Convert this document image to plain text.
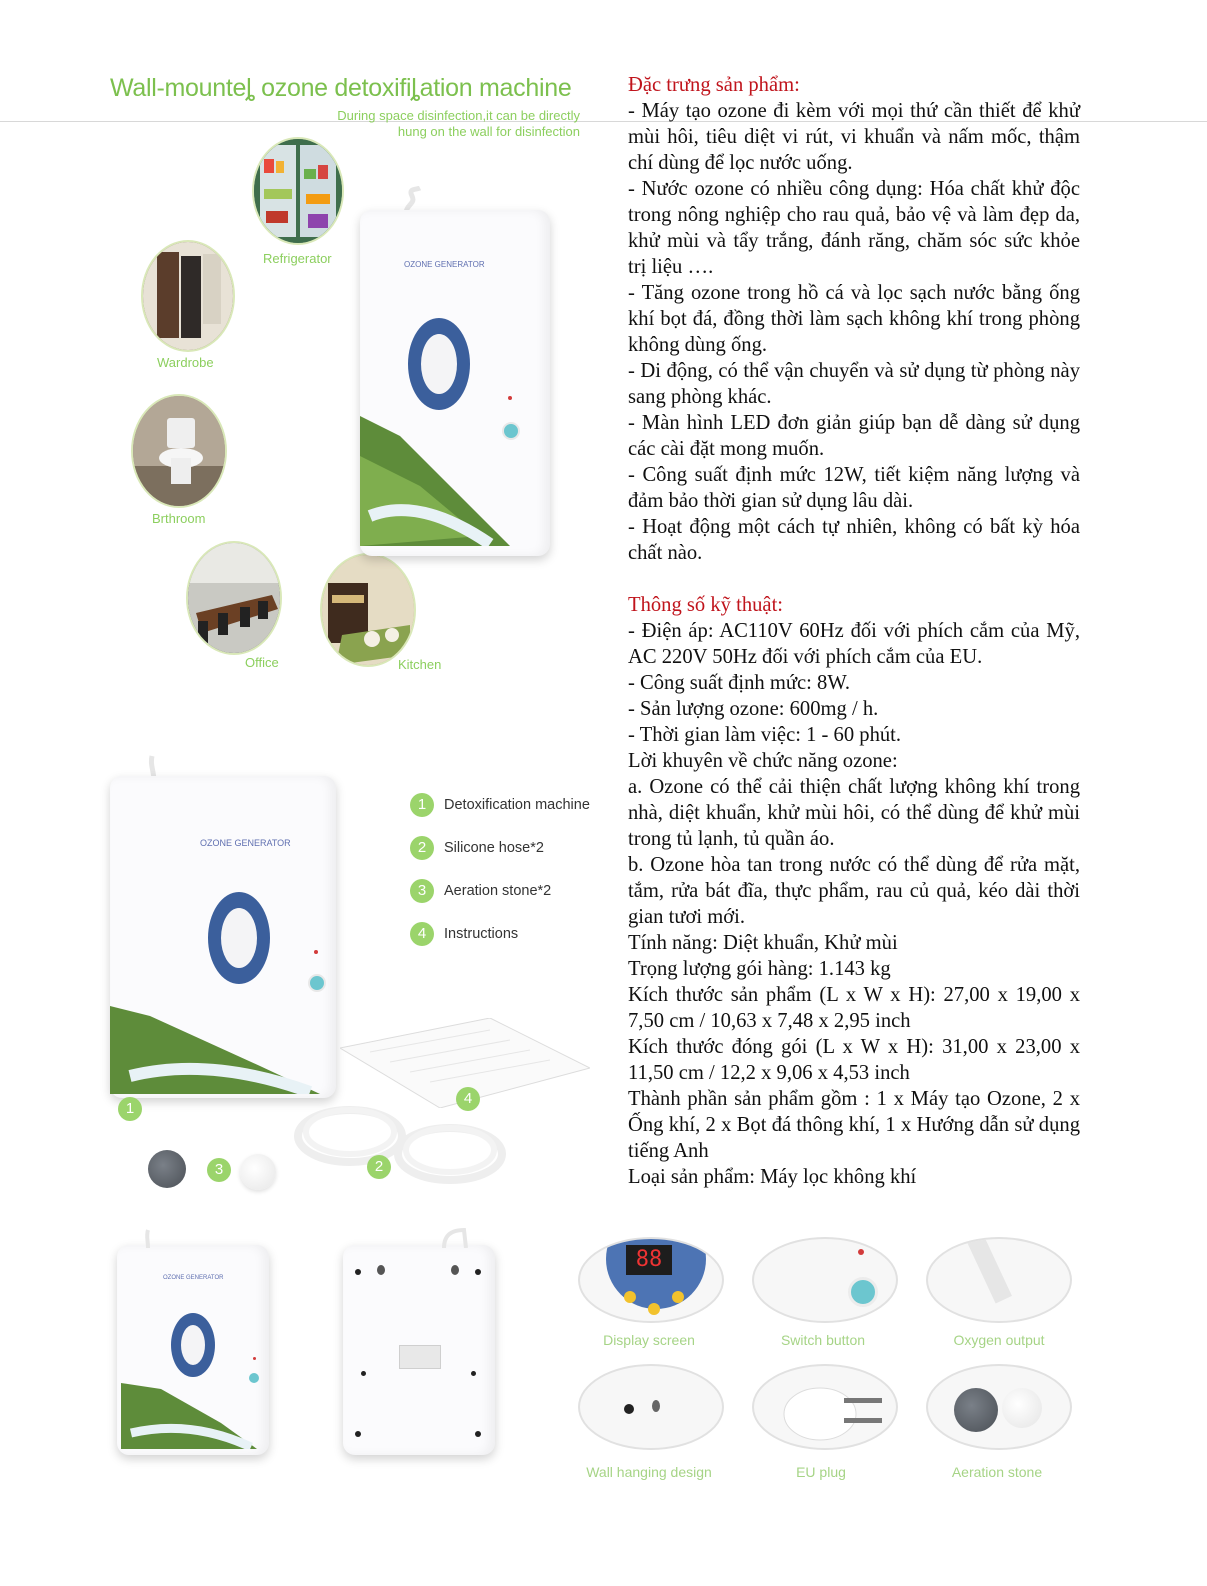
Wall-mounteȴ ozone detoxifiȴation machine
During space disinfection,it can be directly
hung on the wall for disinfection
Refrigerator
Wardrobe
Brthroom
Office	Kitchen
OZONE GENERATOR
OZONE GENERATOR
1	Detoxification machine
2	Silicone hose*2
3	Aeration stone*2
4	Instructions
4
2
1
3
OZONE GENERATOR
88
Display screen	Switch button	Oxygen output
Wall hanging design	EU plug	Aeration stone

Đặc trưng sản phẩm:

- Máy tạo ozone đi kèm với mọi thứ cần thiết để khử mùi hôi, tiêu diệt vi rút, vi khuẩn và nấm mốc, thậm chí dùng để lọc nước uống.

- Nước ozone có nhiều công dụng: Hóa chất khử độc trong nông nghiệp cho rau quả, bảo vệ và làm đẹp da, khử mùi và tẩy trắng, đánh răng, chăm sóc sức khỏe trị liệu ….

- Tăng ozone trong hồ cá và lọc sạch nước bằng ống khí bọt đá, đồng thời làm sạch không khí trong phòng không dùng ống.

- Di động, có thể vận chuyển và sử dụng từ phòng này sang phòng khác.

- Màn hình LED đơn giản giúp bạn dễ dàng sử dụng các cài đặt mong muốn.

- Công suất định mức 12W, tiết kiệm năng lượng và đảm bảo thời gian sử dụng lâu dài.

- Hoạt động một cách tự nhiên, không có bất kỳ hóa chất nào.

Thông số kỹ thuật:

- Điện áp: AC110V 60Hz đối với phích cắm của Mỹ, AC 220V 50Hz đối với phích cắm của EU.

- Công suất định mức: 8W.

- Sản lượng ozone: 600mg / h.

- Thời gian làm việc: 1 - 60 phút.

Lời khuyên về chức năng ozone:

a. Ozone có thể cải thiện chất lượng không khí trong nhà, diệt khuẩn, khử mùi hôi, có thể dùng để khử mùi trong tủ lạnh, tủ quần áo.

b. Ozone hòa tan trong nước có thể dùng để rửa mặt, tắm, rửa bát đĩa, thực phẩm, rau củ quả, kéo dài thời gian tươi mới.

Tính năng: Diệt khuẩn, Khử mùi

Trọng lượng gói hàng: 1.143 kg

Kích thước sản phẩm (L x W x H): 27,00 x 19,00 x 7,50 cm / 10,63 x 7,48 x 2,95 inch

Kích thước đóng gói (L x W x H): 31,00 x 23,00 x 11,50 cm / 12,2 x 9,06 x 4,53 inch

Thành phần sản phẩm gồm : 1 x Máy tạo Ozone, 2 x Ống khí, 2 x Bọt đá thông khí, 1 x Hướng dẫn sử dụng tiếng Anh

Loại sản phẩm: Máy lọc không khí
